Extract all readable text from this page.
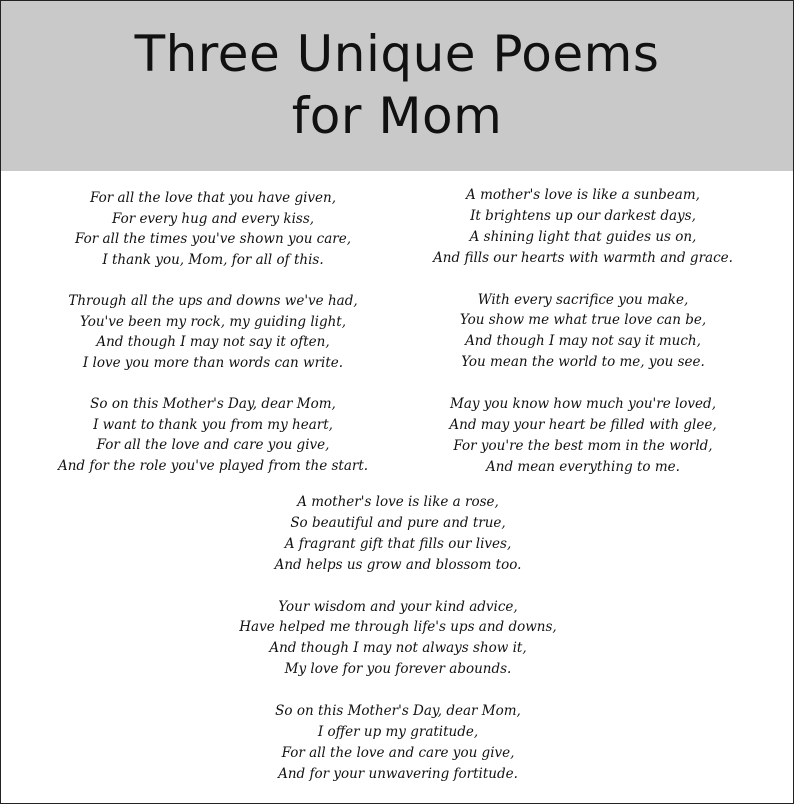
Three Unique Poems
for Mom
For all the love that you have given,
For every hug and every kiss,
For all the times you've shown you care,
I thank you, Mom, for all of this.
Through all the ups and downs we've had,
You've been my rock, my guiding light,
And though I may not say it often,
I love you more than words can write.
So on this Mother's Day, dear Mom,
I want to thank you from my heart,
For all the love and care you give,
And for the role you've played from the start.
A mother's love is like a sunbeam,
It brightens up our darkest days,
A shining light that guides us on,
And fills our hearts with warmth and grace.
With every sacrifice you make,
You show me what true love can be,
And though I may not say it much,
You mean the world to me, you see.
May you know how much you're loved,
And may your heart be filled with glee,
For you're the best mom in the world,
And mean everything to me.
A mother's love is like a rose,
So beautiful and pure and true,
A fragrant gift that fills our lives,
And helps us grow and blossom too.
Your wisdom and your kind advice,
Have helped me through life's ups and downs,
And though I may not always show it,
My love for you forever abounds.
So on this Mother's Day, dear Mom,
I offer up my gratitude,
For all the love and care you give,
And for your unwavering fortitude.
